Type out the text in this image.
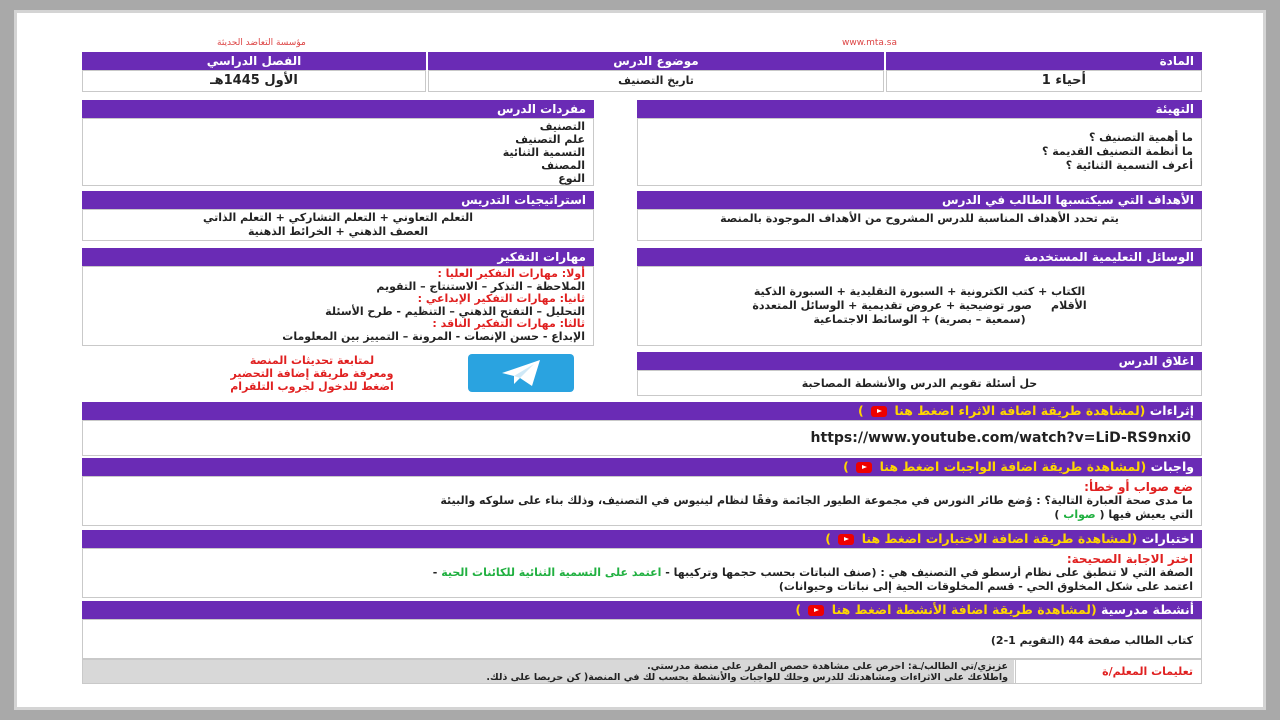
www.mta.sa
مؤسسة التعاضد الحديثة
المادة
أحياء 1
موضوع الدرس
تاريخ التصنيف
الفصل الدراسي
الأول 1445هـ
التهيئة
ما أهمية التصنيف ؟
ما أنظمة التصنيف القديمة ؟
أعرف التسمية الثنائية ؟
مفردات الدرس
التصنيف
علم التصنيف
التسمية الثنائية
المصنف
النوع
الأهداف التي سيكتسبها الطالب في الدرس
يتم تحدد الأهداف المناسبة للدرس المشروح من الأهداف الموجودة بالمنصة
استراتيجيات التدريس
التعلم التعاوني + التعلم التشاركي + التعلم الذاتي
العصف الذهني + الخرائط الذهنية
الوسائل التعليمية المستخدمة
الكتاب + كتب الكترونية + السبورة التقليدية + السبورة الذكية
الأقلام     صور توضيحية + عروض تقديمية + الوسائل المتعددة
(سمعية – بصرية) + الوسائط الاجتماعية
مهارات التفكير
أولا: مهارات التفكير العليا :
الملاحظة – التذكر – الاستنتاج – التقويم
ثانيا: مهارات التفكير الإبداعي :
التحليل – التفتح الذهني – التنظيم - طرح الأسئلة
ثالثا: مهارات التفكير الناقد :
الإبداع - حسن الإنصات - المرونة – التمييز بين المعلومات
اغلاق الدرس
حل أسئلة تقويم الدرس والأنشطة المصاحبة
لمتابعة تحديثات المنصة
ومعرفة طريقة إضافة التحضير
اضغط للدخول لجروب التلقرام
إثراءات (لمشاهدة طريقة اضافة الاثراء اضغط هنا  )
https://www.youtube.com/watch?v=LiD-RS9nxi0
واجبات (لمشاهدة طريقة اضافة الواجبات اضغط هنا  )
ضع صواب أو خطأ:
ما مدى صحة العبارة التالية؟ : وُضع طائر النورس في مجموعة الطيور الجائمة وفقًا لنظام لينيوس في التصنيف، وذلك بناء على سلوكه والبيئة
التي يعيش فيها ( صواب )
اختبارات (لمشاهدة طريقة اضافة الاختبارات اضغط هنا  )
اختر الاجابة الصحيحة:
الصفة التي لا تنطبق على نظام أرسطو في التصنيف هي : (صنف النباتات بحسب حجمها وتركيبها - اعتمد على التسمية الثنائية للكائنات الحية -
اعتمد على شكل المخلوق الحي - قسم المخلوقات الحية إلى نباتات وحيوانات)
أنشطة مدرسية (لمشاهدة طريقة اضافة الأنشطة اضغط هنا  )
كتاب الطالب صفحة 44 (التقويم 1-2)
تعليمات المعلم/ة
عزيزي/تي الطالب/ـة: احرص على مشاهدة حصص المقرر على منصة مدرستي.
واطلاعك على الاثراءات ومشاهدتك للدرس وحلك للواجبات والأنشطة بحسب لك في المنصة( كن حريصا على ذلك.
